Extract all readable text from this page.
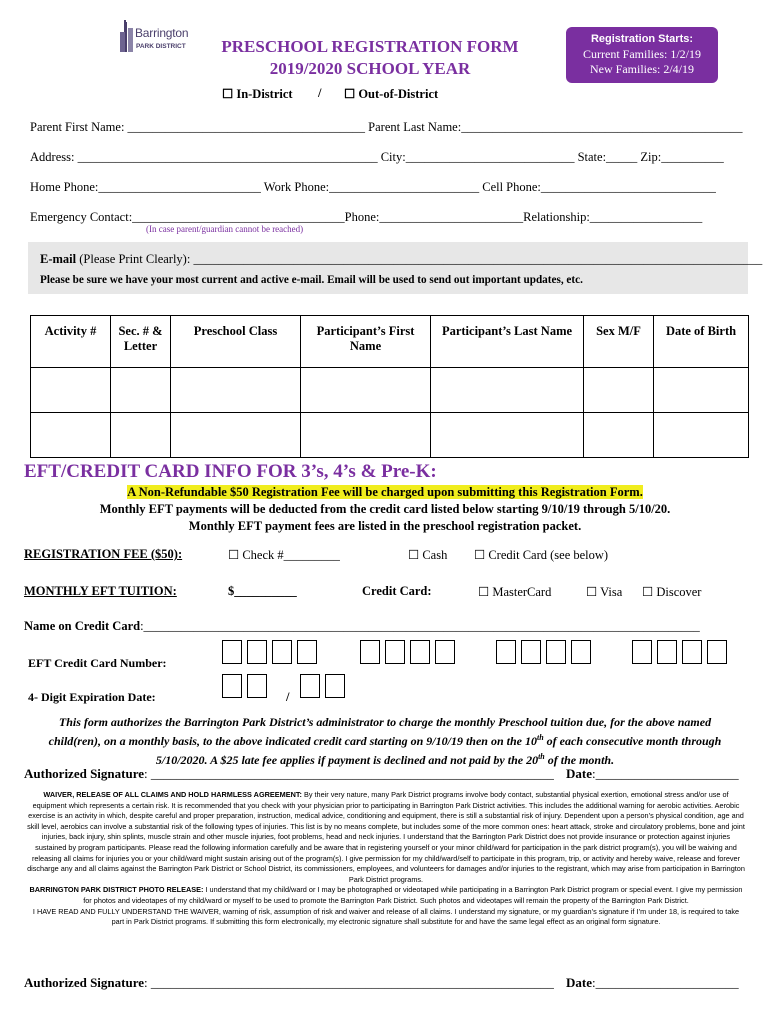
Barrington
PARK DISTRICT	PRESCHOOL REGISTRATION FORM
2019/2020 SCHOOL YEAR
Registration Starts:
Current Families: 1/2/19
New Families: 2/4/19
☐ In-District / ☐ Out-of-District
Parent First Name: ______________________________________ Parent Last Name:_____________________________________________
Address: ________________________________________________ City:___________________________ State:_____ Zip:__________
Home Phone:__________________________ Work Phone:________________________ Cell Phone:____________________________
Emergency Contact:__________________________________Phone:_______________________Relationship:__________________
(In case parent/guardian cannot be reached)
E-mail (Please Print Clearly): ___________________________________________________________________________________________
Please be sure we have your most current and active e-mail. Email will be used to send out important updates, etc.
Activity #	Sec. # & Letter	Preschool Class	Participant’s First Name	Participant’s Last Name	Sex M/F	Date of Birth

EFT/CREDIT CARD INFO FOR 3’s, 4’s & Pre-K:
A Non-Refundable $50 Registration Fee will be charged upon submitting this Registration Form.
Monthly EFT payments will be deducted from the credit card listed below starting 9/10/19 through 5/10/20.
Monthly EFT payment fees are listed in the preschool registration packet.
REGISTRATION FEE ($50):	☐ Check #_________	☐ Cash ☐ Credit Card (see below)
MONTHLY EFT TUITION:	$__________	Credit Card:	☐ MasterCard	☐ Visa ☐ Discover
Name on Credit Card:_________________________________________________________________________________________
EFT Credit Card Number:
4- Digit Expiration Date:	/
This form authorizes the Barrington Park District’s administrator to charge the monthly Preschool tuition due, for the above named
child(ren), on a monthly basis, to the above indicated credit card starting on 9/10/19 then on the 10th of each consecutive month through
5/10/2020. A $25 late fee applies if payment is declined and not paid by the 20th of the month.
Authorized Signature: ______________________________________________________________ Date:______________________
WAIVER, RELEASE OF ALL CLAIMS AND HOLD HARMLESS AGREEMENT: By their very nature, many Park District programs involve body contact, substantial physical exertion, emotional stress and/or use of equipment which represents a certain risk. It is recommended that you check with your physician prior to participating in Barrington Park District activities. This includes the additional warning for aerobic activities. Aerobic exercise is an activity in which, despite careful and proper preparation, instruction, medical advice, conditioning and equipment, there is still a substantial risk of injury. Dependent upon a person’s physical condition, age and skill level, aerobics can involve a substantial risk of the following types of injuries. This list is by no means complete, but includes some of the more common ones: heart attack, stroke and circulatory problems, bone and joint injuries, back injury, shin splints, muscle strain and other muscle injuries, foot problems, head and neck injuries. I understand that the Barrington Park District does not provide insurance or protection against injuries sustained by program participants. Please read the following information carefully and be aware that in registering yourself or your minor child/ward for participation in the park district program(s), you will be waiving and releasing all claims for injuries you or your child/ward might sustain arising out of the program(s). I give permission for my child/ward/self to participate in this program, trip, or activity and hereby waive, release and forever discharge any and all claims against the Barrington Park District or School District, its commissioners, employees, and volunteers for damages and/or injuries to the registrant, which may arise from participation in Barrington Park District programs.
BARRINGTON PARK DISTRICT PHOTO RELEASE: I understand that my child/ward or I may be photographed or videotaped while participating in a Barrington Park District program or special event. I give my permission for photos and videotapes of my child/ward or myself to be used to promote the Barrington Park District. Such photos and videotapes will remain the property of the Barrington Park District.
I HAVE READ AND FULLY UNDERSTAND THE WAIVER, warning of risk, assumption of risk and waiver and release of all claims. I understand my signature, or my guardian’s signature if I’m under 18, is required to take part in Park District programs. If submitting this form electronically, my electronic signature shall substitute for and have the same legal effect as an original form signature.
Authorized Signature: ______________________________________________________________ Date:______________________
